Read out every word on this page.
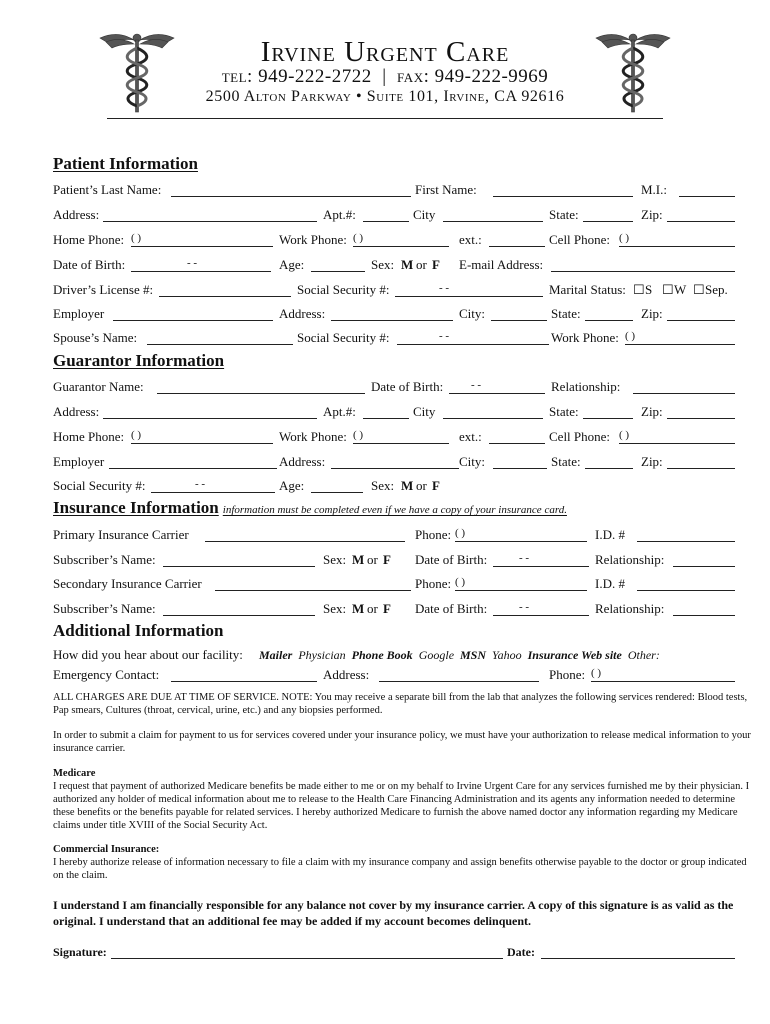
Irvine Urgent Care
tel: 949-222-2722 | fax: 949-222-9969
2500 Alton Parkway • Suite 101, Irvine, CA 92616
Patient Information
Patient’s Last Name:	First Name:	M.I.:
Address:	Apt.#:	City	State:	Zip:
Home Phone: ( )	Work Phone: ( )	ext.:	Cell Phone: ( )
Date of Birth:	- -	Age:	Sex: M or F E-mail Address:
Driver’s License #:	Social Security #:	- -	Marital Status: ☐ S ☐ W ☐ Sep.
Employer	Address:	City:	State:	Zip:
Spouse’s Name:	Social Security #:	- -	Work Phone: ( )
Guarantor Information
Guarantor Name:	Date of Birth:	- -	Relationship:
Address:	Apt.#:	City	State:	Zip:
Home Phone: ( )	Work Phone: ( )	ext.:	Cell Phone: ( )
Employer	Address:	City:	State:	Zip:
Social Security #:	- -	Age:	Sex: M or F
Insurance Information information must be completed even if we have a copy of your insurance card.
Primary Insurance Carrier	Phone: ( )	I.D. #
Subscriber’s Name:	Sex: M or F Date of Birth:	- -	Relationship:
Secondary Insurance Carrier	Phone: ( )	I.D. #
Subscriber’s Name:	Sex: M or F Date of Birth:	- -	Relationship:
Additional Information
How did you hear about our facility: Mailer Physician Phone Book Google MSN Yahoo Insurance Web site Other:
Emergency Contact:	Address:	Phone: ( )
ALL CHARGES ARE DUE AT TIME OF SERVICE. NOTE: You may receive a separate bill from the lab that analyzes the following services rendered: Blood tests, Pap smears, Cultures (throat, cervical, urine, etc.) and any biopsies performed.
In order to submit a claim for payment to us for services covered under your insurance policy, we must have your authorization to release medical information to your insurance carrier.
Medicare
I request that payment of authorized Medicare benefits be made either to me or on my behalf to Irvine Urgent Care for any services furnished me by their physician. I authorized any holder of medical information about me to release to the Health Care Financing Administration and its agents any information needed to determine these benefits or the benefits payable for related services. I hereby authorized Medicare to furnish the above named doctor any information regarding my Medicare claims under title XVIII of the Social Security Act.
Commercial Insurance:
I hereby authorize release of information necessary to file a claim with my insurance company and assign benefits otherwise payable to the doctor or group indicated on the claim.
I understand I am financially responsible for any balance not cover by my insurance carrier. A copy of this signature is as valid as the original. I understand that an additional fee may be added if my account becomes delinquent.
Signature:	Date:
